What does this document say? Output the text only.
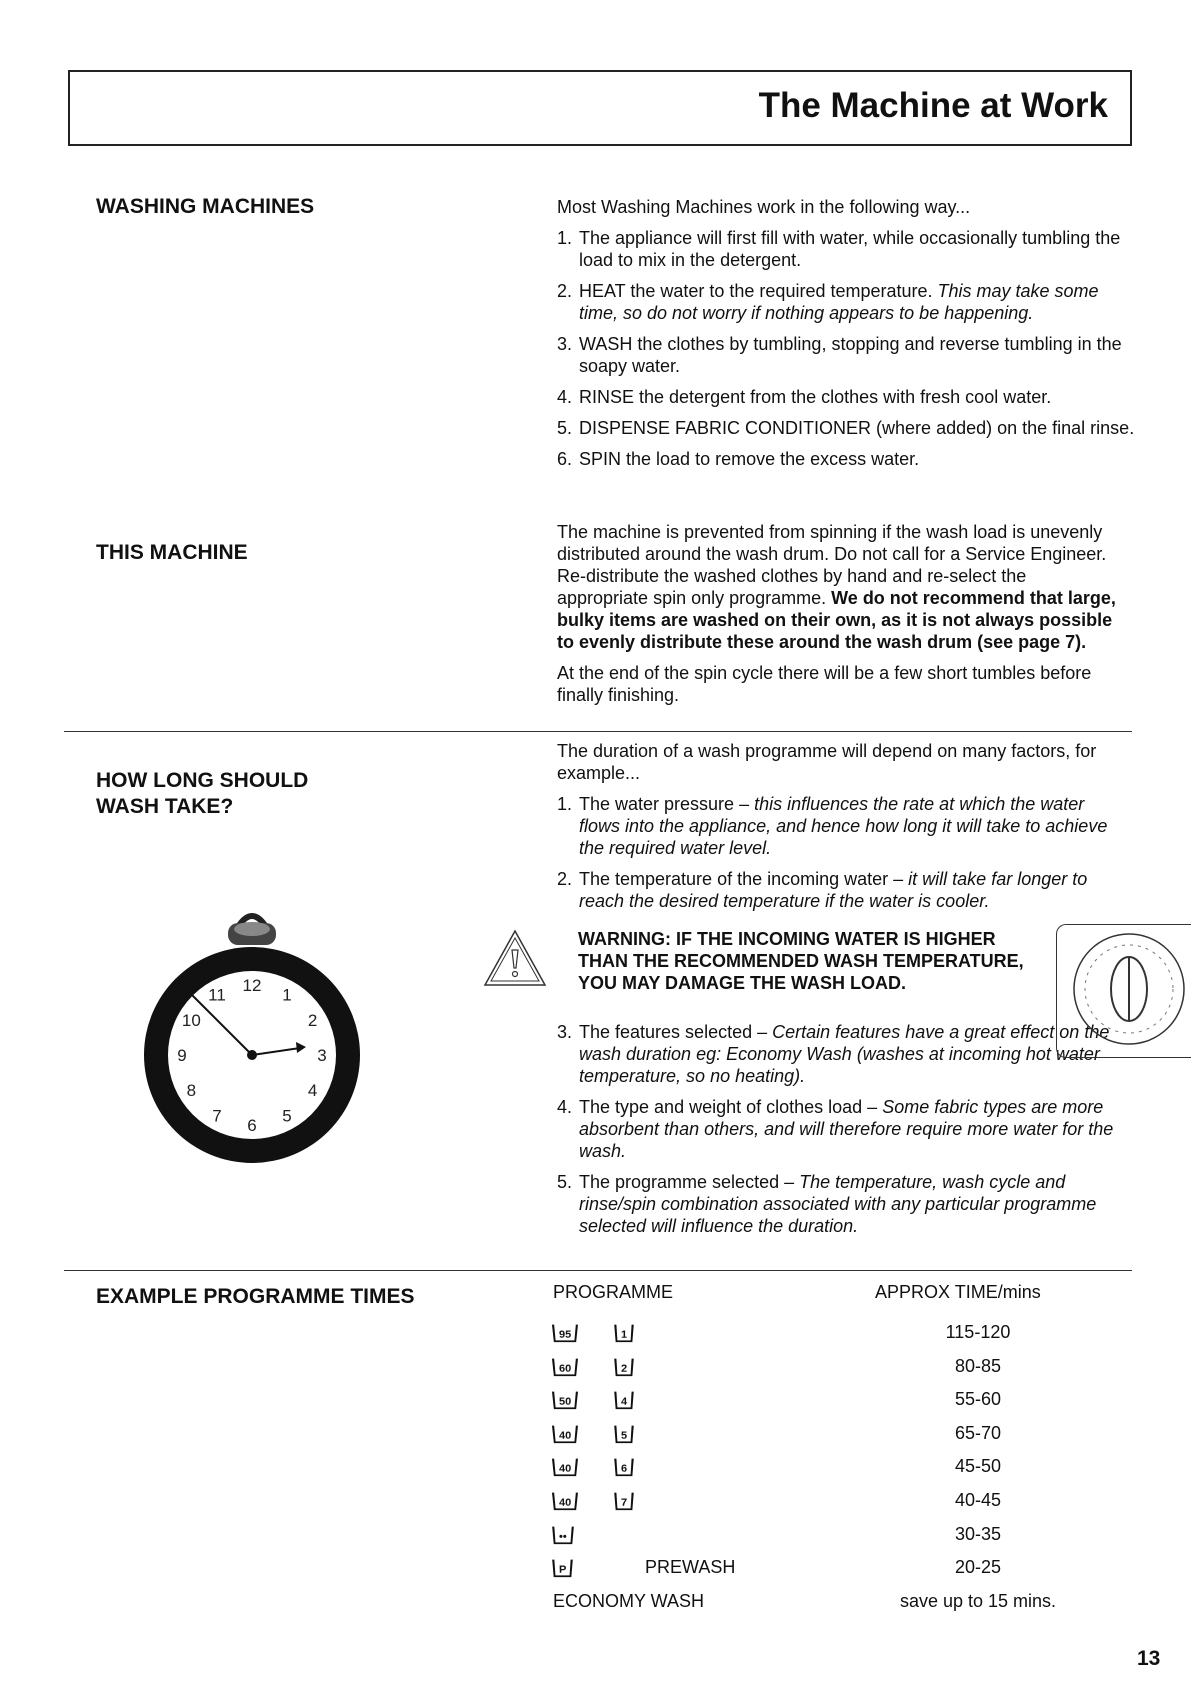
The Machine at Work
WASHING MACHINES	Most Washing Machines work in the following way...

1. The appliance will first fill with water, while occasionally tumbling the load to mix in the detergent.
2. HEAT the water to the required temperature. This may take some time, so do not worry if nothing appears to be happening.
3. WASH the clothes by tumbling, stopping and reverse tumbling in the soapy water.
4. RINSE the detergent from the clothes with fresh cool water.
5. DISPENSE FABRIC CONDITIONER (where added) on the final rinse.
6. SPIN the load to remove the excess water.
THIS MACHINE

The machine is prevented from spinning if the wash load is unevenly distributed around the wash drum. Do not call for a Service Engineer. Re-distribute the washed clothes by hand and re-select the appropriate spin only programme. We do not recommend that large, bulky items are washed on their own, as it is not always possible to evenly distribute these around the wash drum (see page 7).

At the end of the spin cycle there will be a few short tumbles before finally finishing.

HOW LONG SHOULD
WASH TAKE?

The duration of a wash programme will depend on many factors, for example...

1. The water pressure – this influences the rate at which the water flows into the appliance, and hence how long it will take to achieve the required water level.
2. The temperature of the incoming water – it will take far longer to reach the desired temperature if the water is cooler.
3. The features selected – Certain features have a great effect on the wash duration eg: Economy Wash (washes at incoming hot water temperature, so no heating).
4. The type and weight of clothes load – Some fabric types are more absorbent than others, and will therefore require more water for the wash.
5. The programme selected – The temperature, wash cycle and rinse/spin combination associated with any particular programme selected will influence the duration.
WARNING: IF THE INCOMING WATER IS HIGHER THAN THE RECOMMENDED WASH TEMPERATURE, YOU MAY DAMAGE THE WASH LOAD.
12 1
2
3
4
5
6
7
8
9
10
11
EXAMPLE PROGRAMME TIMES	PROGRAMME	APPROX TIME/mins
95	1	115-120
60	2	80-85
50	4	55-60
40	5	65-70
40	6	45-50
40	7	40-45
••	30-35
P	PREWASH	20-25
ECONOMY WASH	save up to 15 mins.
13
